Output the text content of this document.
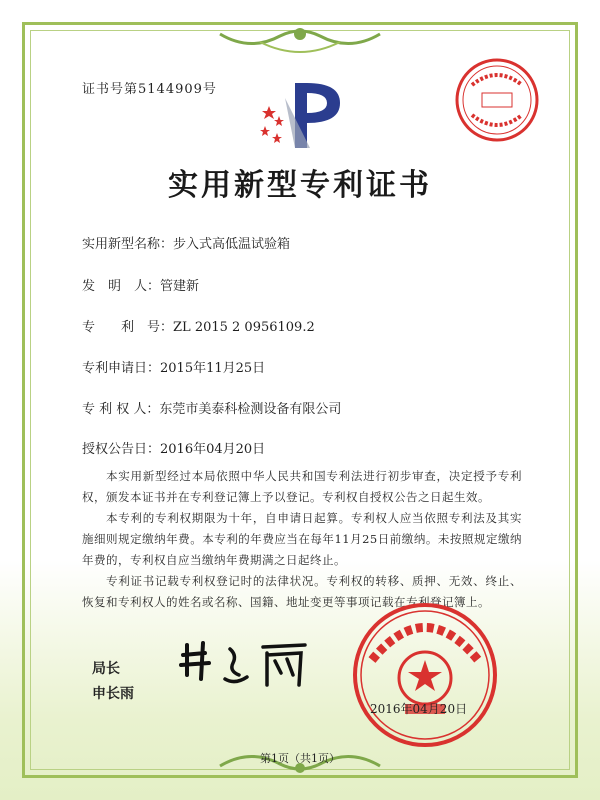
证书号第5144909号
实用新型专利证书
实用新型名称：步入式高低温试验箱
发　明　人：管建新
专　　利　号：ZL 2015 2 0956109.2
专利申请日：2015年11月25日
专 利 权 人：东莞市美泰科检测设备有限公司
授权公告日：2016年04月20日
本实用新型经过本局依照中华人民共和国专利法进行初步审查，决定授予专利权，颁发本证书并在专利登记簿上予以登记。专利权自授权公告之日起生效。
本专利的专利权期限为十年，自申请日起算。专利权人应当依照专利法及其实施细则规定缴纳年费。本专利的年费应当在每年11月25日前缴纳。未按照规定缴纳年费的，专利权自应当缴纳年费期满之日起终止。
专利证书记载专利权登记时的法律状况。专利权的转移、质押、无效、终止、恢复和专利权人的姓名或名称、国籍、地址变更等事项记载在专利登记簿上。
局长
申长雨
2016年04月20日
第1页（共1页）
